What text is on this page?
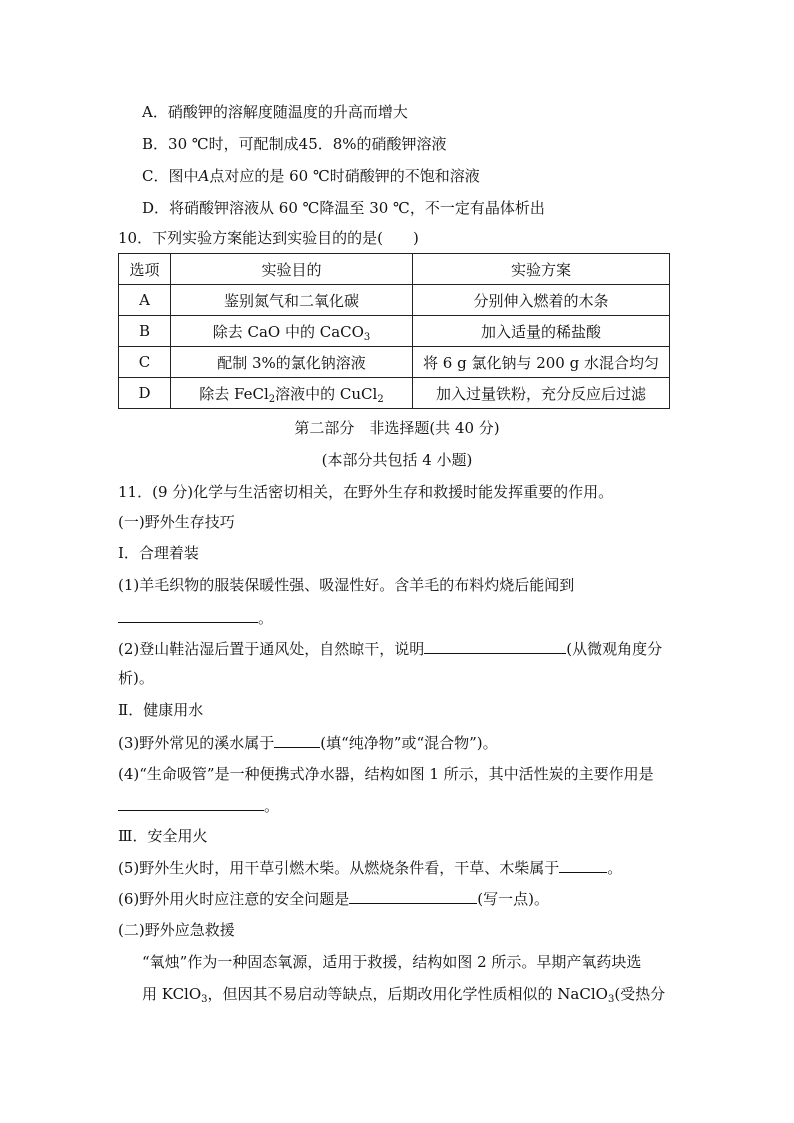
A．硝酸钾的溶解度随温度的升高而增大
B．30 ℃时，可配制成45．8%的硝酸钾溶液
C．图中A点对应的是 60 ℃时硝酸钾的不饱和溶液
D．将硝酸钾溶液从 60 ℃降温至 30 ℃，不一定有晶体析出
10．下列实验方案能达到实验目的的是(　　)
选项	实验目的	实验方案
A	鉴别氮气和二氧化碳	分别伸入燃着的木条
B	除去 CaO 中的 CaCO$_3$	加入适量的稀盐酸
C	配制 3%的氯化钠溶液	将 6 g 氯化钠与 200 g 水混合均匀
D	除去 FeCl$_2$溶液中的 CuCl$_2$	加入过量铁粉，充分反应后过滤
第二部分　非选择题(共 40 分)
(本部分共包括 4 小题)
11．(9 分)化学与生活密切相关，在野外生存和救援时能发挥重要的作用。
(一)野外生存技巧
Ⅰ．合理着装
(1)羊毛织物的服装保暖性强、吸湿性好。含羊毛的布料灼烧后能闻到
。
(2)登山鞋沾湿后置于通风处，自然晾干，说明	(从微观角度分
析)。
Ⅱ．健康用水
(3)野外常见的溪水属于	(填“纯净物”或“混合物”)。
(4)“生命吸管”是一种便携式净水器，结构如图 1 所示，其中活性炭的主要作用是
。
Ⅲ．安全用火
(5)野外生火时，用干草引燃木柴。从燃烧条件看，干草、木柴属于	。
(6)野外用火时应注意的安全问题是	(写一点)。
(二)野外应急救援
“氧烛”作为一种固态氧源，适用于救援，结构如图 2 所示。早期产氧药块选
用 KClO$_3$，但因其不易启动等缺点，后期改用化学性质相似的 NaClO$_3$(受热分
